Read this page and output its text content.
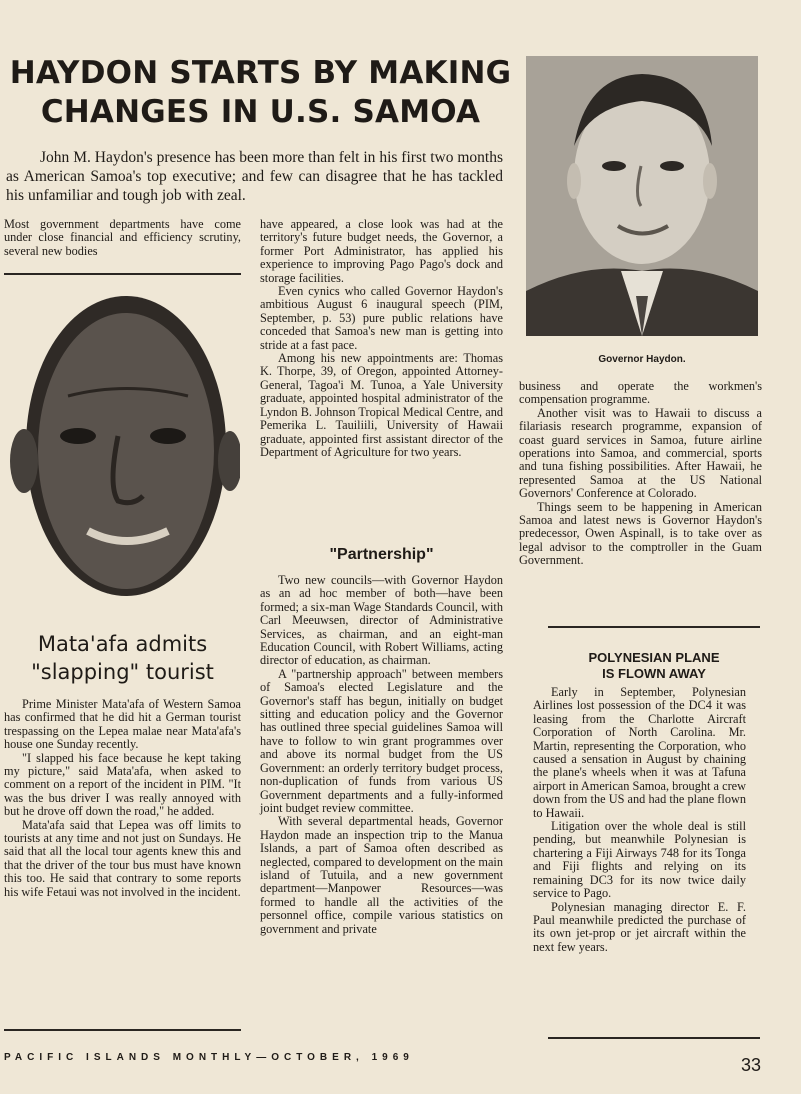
HAYDON STARTS BY MAKING CHANGES IN U.S. SAMOA

John M. Haydon's presence has been more than felt in his first two months as American Samoa's top executive; and few can disagree that he has tackled his unfamiliar and tough job with zeal.

Most government departments have come under close financial and efficiency scrutiny, several new bodies

Mata'afa admits
"slapping" tourist

Prime Minister Mata'afa of Western Samoa has confirmed that he did hit a German tourist trespassing on the Lepea malae near Mata'afa's house one Sunday recently.

"I slapped his face because he kept taking my picture," said Mata'afa, when asked to comment on a report of the incident in PIM. "It was the bus driver I was really annoyed with but he drove off down the road," he added.

Mata'afa said that Lepea was off limits to tourists at any time and not just on Sundays. He said that all the local tour agents knew this and that the driver of the tour bus must have known this too. He said that contrary to some reports his wife Fetaui was not involved in the incident.

have appeared, a close look was had at the territory's future budget needs, the Governor, a former Port Administrator, has applied his experience to improving Pago Pago's dock and storage facilities.

Even cynics who called Governor Haydon's ambitious August 6 inaugural speech (PIM, September, p. 53) pure public relations have conceded that Samoa's new man is getting into stride at a fast pace.

Among his new appointments are: Thomas K. Thorpe, 39, of Oregon, appointed Attorney-General, Tagoa'i M. Tunoa, a Yale University graduate, appointed hospital administrator of the Lyndon B. Johnson Tropical Medical Centre, and Pemerika L. Tauiliili, University of Hawaii graduate, appointed first assistant director of the Department of Agriculture for two years.

"Partnership"

Two new councils—with Governor Haydon as an ad hoc member of both—have been formed; a six-man Wage Standards Council, with Carl Meeuwsen, director of Administrative Services, as chairman, and an eight-man Education Council, with Robert Williams, acting director of education, as chairman.

A "partnership approach" between members of Samoa's elected Legislature and the Governor's staff has begun, initially on budget sitting and education policy and the Governor has outlined three special guidelines Samoa will have to follow to win grant programmes over and above its normal budget from the US Government: an orderly territory budget process, non-duplication of funds from various US Government departments and a fully-informed joint budget review committee.

With several departmental heads, Governor Haydon made an inspection trip to the Manua Islands, a part of Samoa often described as neglected, compared to development on the main island of Tutuila, and a new government department—Manpower Resources—was formed to handle all the activities of the personnel office, compile various statistics on government and private

Governor Haydon.

business and operate the workmen's compensation programme.

Another visit was to Hawaii to discuss a filariasis research programme, expansion of coast guard services in Samoa, future airline operations into Samoa, and commercial, sports and tuna fishing possibilities. After Hawaii, he represented Samoa at the US National Governors' Conference at Colorado.

Things seem to be happening in American Samoa and latest news is Governor Haydon's predecessor, Owen Aspinall, is to take over as legal advisor to the comptroller in the Guam Government.

POLYNESIAN PLANE
IS FLOWN AWAY

Early in September, Polynesian Airlines lost possession of the DC4 it was leasing from the Charlotte Aircraft Corporation of North Carolina. Mr. Martin, representing the Corporation, who caused a sensation in August by chaining the plane's wheels when it was at Tafuna airport in American Samoa, brought a crew down from the US and had the plane flown to Hawaii.

Litigation over the whole deal is still pending, but meanwhile Polynesian is chartering a Fiji Airways 748 for its Tonga and Fiji flights and relying on its remaining DC3 for its now twice daily service to Pago.

Polynesian managing director E. F. Paul meanwhile predicted the purchase of its own jet-prop or jet aircraft within the next few years.

PACIFIC ISLANDS MONTHLY—OCTOBER, 1969	33
